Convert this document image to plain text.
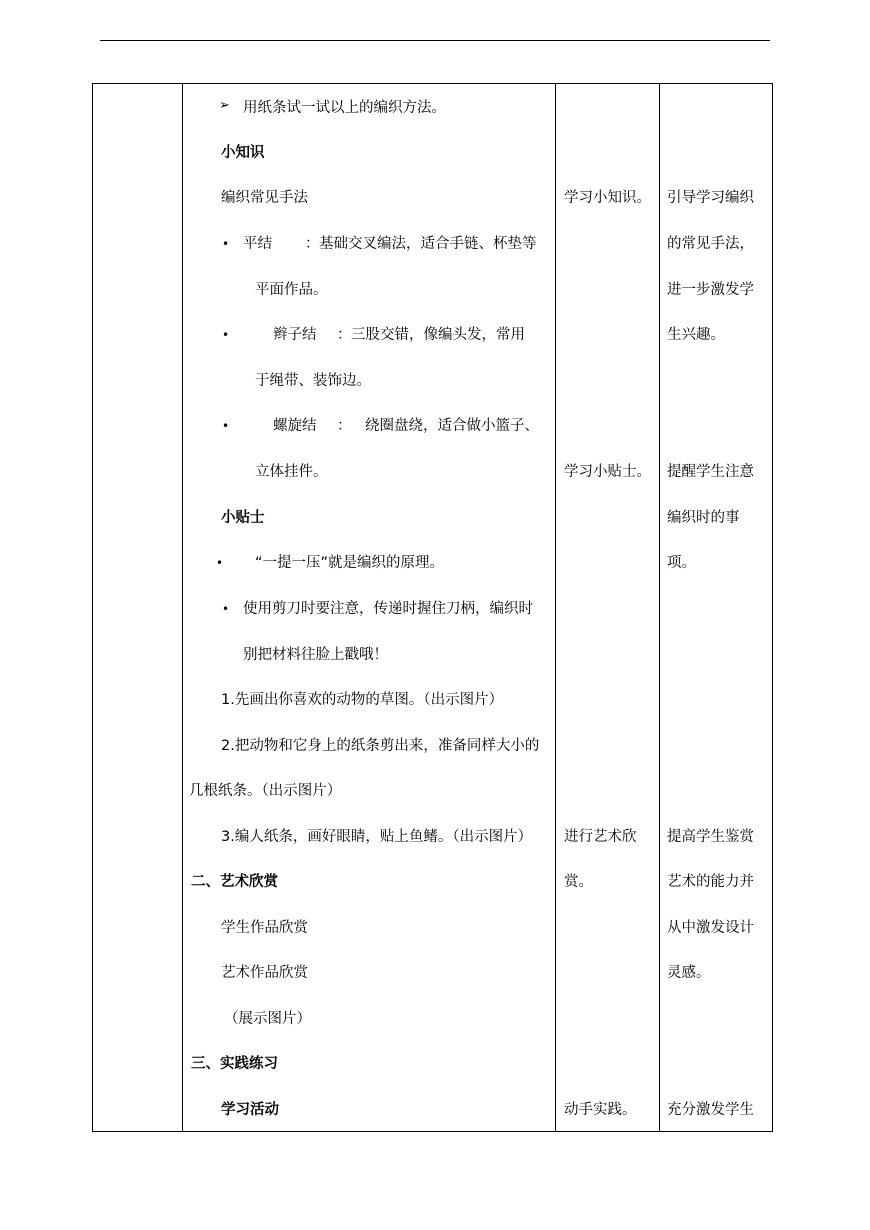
➢ 用纸条试一试以上的编织方法。
小知识
编织常见手法
• 平结 ： 基础交叉编法，适合手链、杯垫等
平面作品。
•	辫子结 ： 三股交错，像编头发，常用
于绳带、装饰边。
•	螺旋结 ： 绕圈盘绕，适合做小篮子、
立体挂件。
小贴士
• “一提一压”就是编织的原理。
• 使用剪刀时要注意，传递时握住刀柄，编织时
别把材料往脸上戳哦！
1.先画出你喜欢的动物的草图。（出示图片）
2.把动物和它身上的纸条剪出来，准备同样大小的
几根纸条。（出示图片）
3.编人纸条，画好眼睛，贴上鱼鳍。（出示图片）
二、艺术欣赏
学生作品欣赏
艺术作品欣赏
（展示图片）
三、实践练习
学习活动
学习小知识。
学习小贴士。
进行艺术欣
赏。
动手实践。
引导学习编织
的常见手法，
进一步激发学
生兴趣。
提醒学生注意
编织时的事
项。
提高学生鉴赏
艺术的能力并
从中激发设计
灵感。
充分激发学生
